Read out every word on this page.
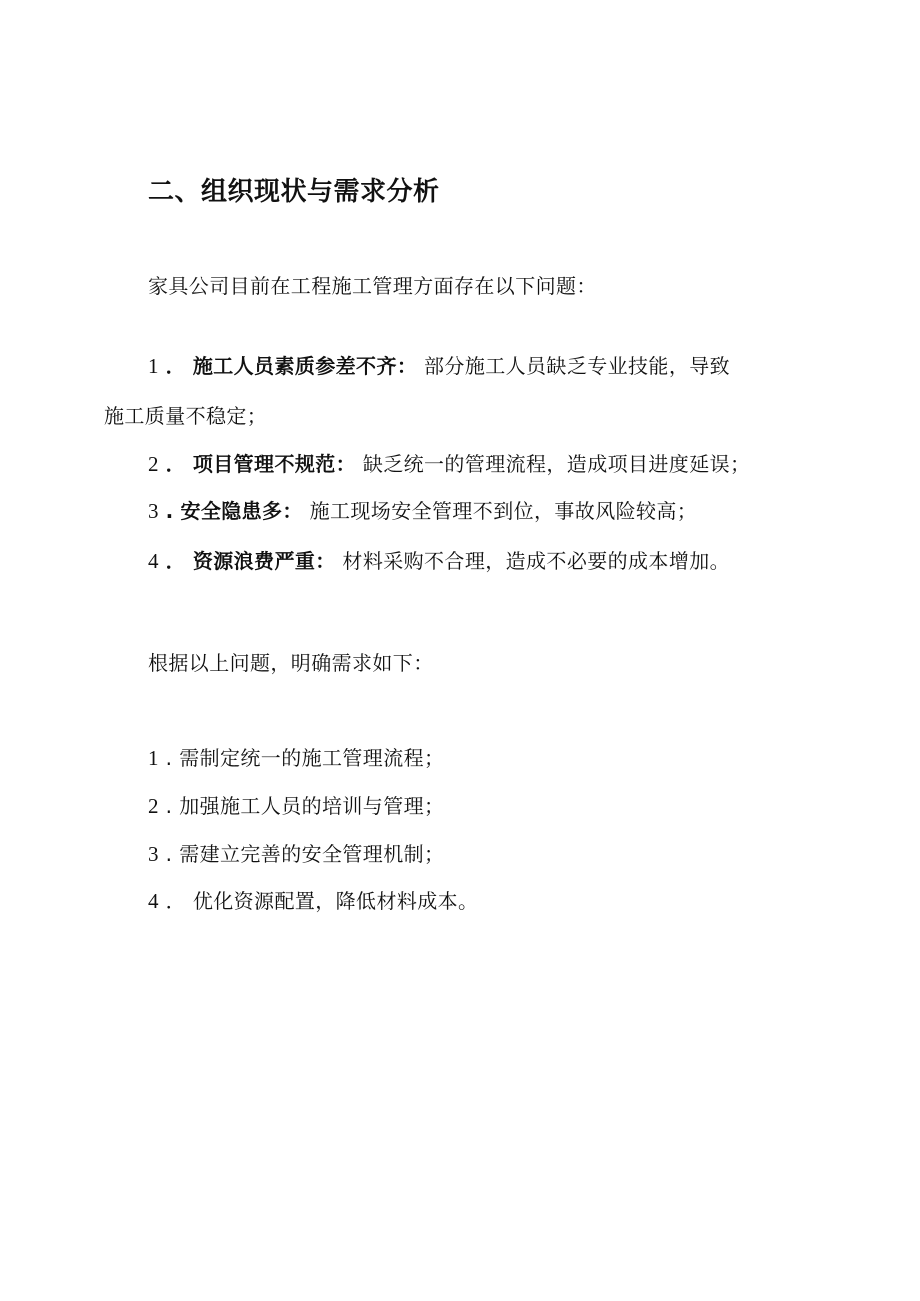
二、组织现状与需求分析
家具公司目前在工程施工管理方面存在以下问题：
1 ． 施工人员素质参差不齐： 部分施工人员缺乏专业技能，导致
施工质量不稳定；
2 ． 项目管理不规范： 缺乏统一的管理流程，造成项目进度延误；
3 . 安全隐患多： 施工现场安全管理不到位，事故风险较高；
4 ． 资源浪费严重： 材料采购不合理，造成不必要的成本增加。
根据以上问题，明确需求如下：
1 . 需制定统一的施工管理流程；
2 . 加强施工人员的培训与管理；
3 . 需建立完善的安全管理机制；
4 ． 优化资源配置，降低材料成本。
